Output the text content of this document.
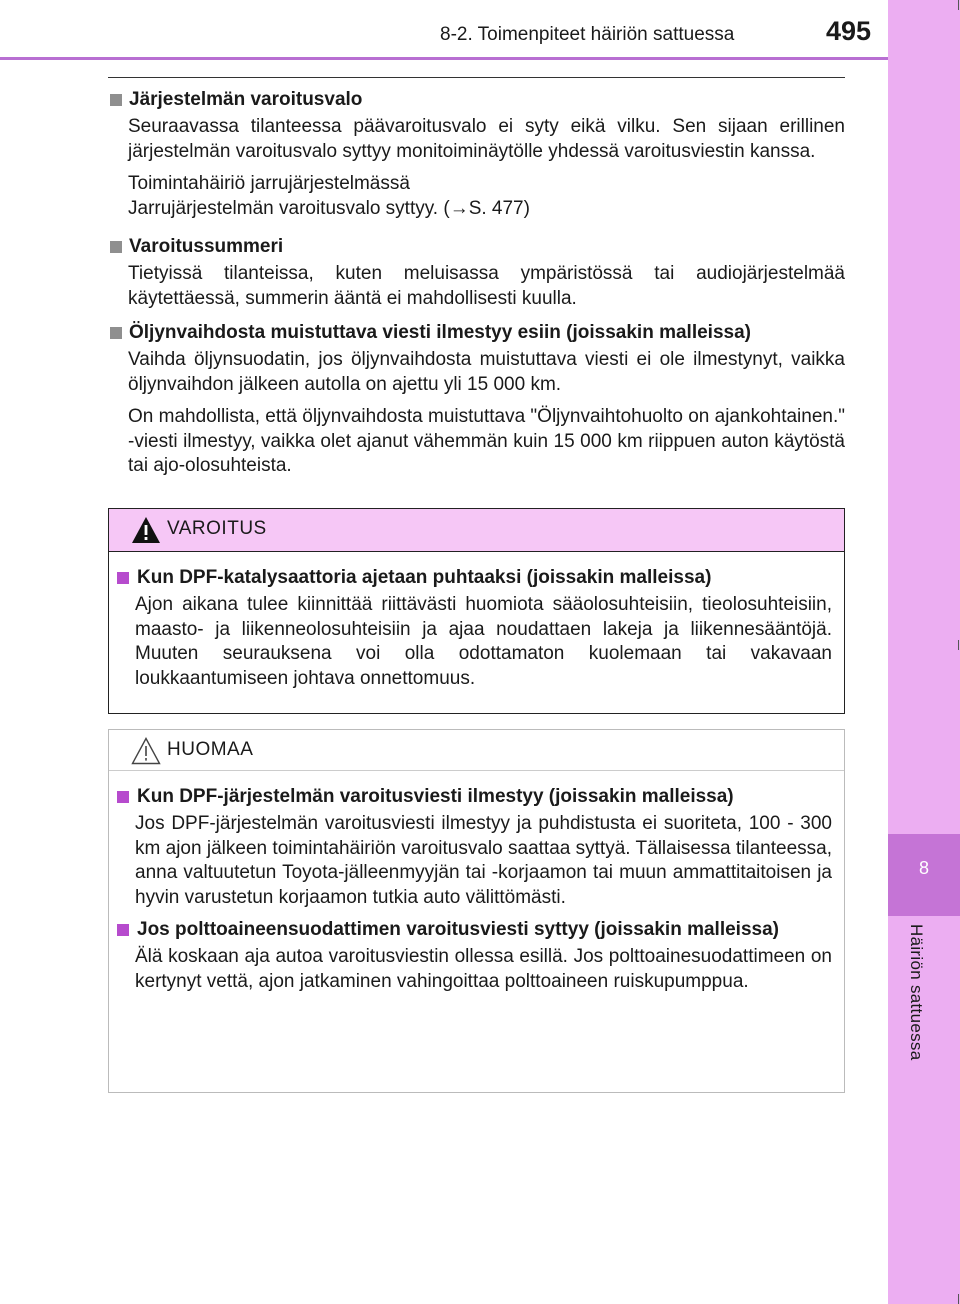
8-2. Toimenpiteet häiriön sattuessa	495
8
Häiriön sattuessa
Järjestelmän varoitusvalo

Seuraavassa tilanteessa päävaroitusvalo ei syty eikä vilku. Sen sijaan erillinen järjestelmän varoitusvalo syttyy monitoiminäytölle yhdessä varoitusviestin kanssa.

Toimintahäiriö jarrujärjestelmässä
Jarrujärjestelmän varoitusvalo syttyy. (→S. 477)

Varoitussummeri

Tietyissä tilanteissa, kuten meluisassa ympäristössä tai audiojärjestelmää käytettäessä, summerin ääntä ei mahdollisesti kuulla.

Öljynvaihdosta muistuttava viesti ilmestyy esiin (joissakin malleissa)

Vaihda öljynsuodatin, jos öljynvaihdosta muistuttava viesti ei ole ilmestynyt, vaikka öljynvaihdon jälkeen autolla on ajettu yli 15 000 km.

On mahdollista, että öljynvaihdosta muistuttava "Öljynvaihtohuolto on ajankohtainen." -viesti ilmestyy, vaikka olet ajanut vähemmän kuin 15 000 km riippuen auton käytöstä tai ajo-olosuhteista.

VAROITUS
Kun DPF-katalysaattoria ajetaan puhtaaksi (joissakin malleissa)

Ajon aikana tulee kiinnittää riittävästi huomiota sääolosuhteisiin, tieolosuhteisiin, maasto- ja liikenneolosuhteisiin ja ajaa noudattaen lakeja ja liikennesääntöjä. Muuten seurauksena voi olla odottamaton kuolemaan tai vakavaan loukkaantumiseen johtava onnettomuus.

HUOMAA
Kun DPF-järjestelmän varoitusviesti ilmestyy (joissakin malleissa)

Jos DPF-järjestelmän varoitusviesti ilmestyy ja puhdistusta ei suoriteta, 100 - 300 km ajon jälkeen toimintahäiriön varoitusvalo saattaa syttyä. Tällaisessa tilanteessa, anna valtuutetun Toyota-jälleenmyyjän tai -korjaamon tai muun ammattitaitoisen ja hyvin varustetun korjaamon tutkia auto välittömästi.

Jos polttoaineensuodattimen varoitusviesti syttyy (joissakin malleissa)

Älä koskaan aja autoa varoitusviestin ollessa esillä. Jos polttoainesuodattimeen on kertynyt vettä, ajon jatkaminen vahingoittaa polttoaineen ruiskupumppua.
